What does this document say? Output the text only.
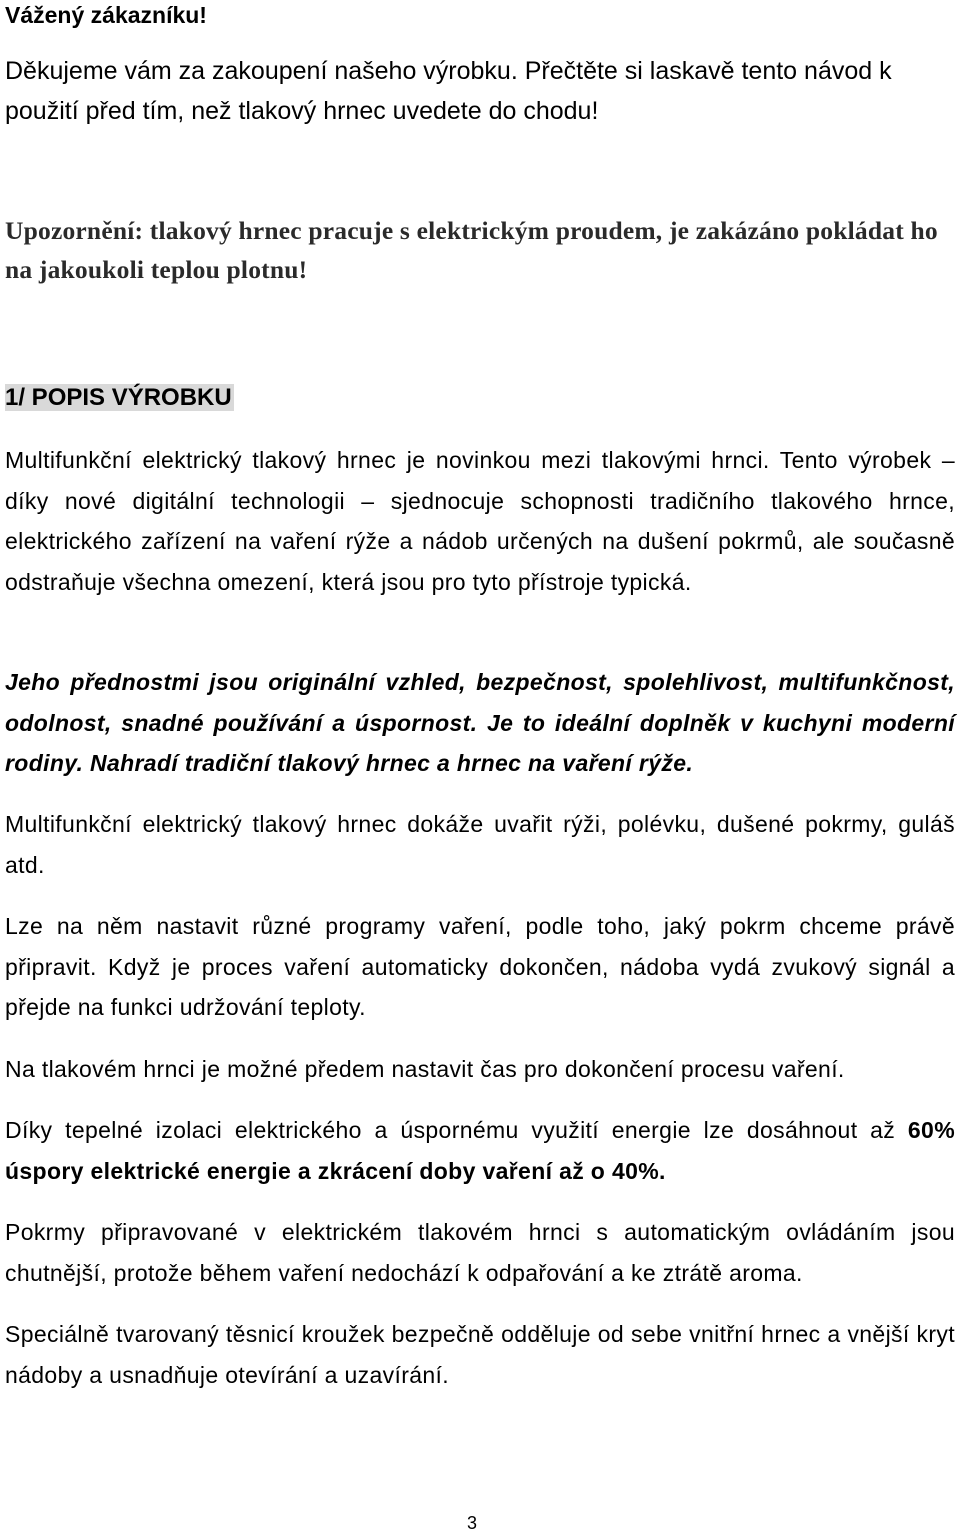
Vážený zákazníku!

Děkujeme vám za zakoupení našeho výrobku. Přečtěte si laskavě tento návod k použití před tím, než tlakový hrnec uvedete do chodu!

Upozornění: tlakový hrnec pracuje s elektrickým proudem, je zakázáno pokládat ho na jakoukoli teplou plotnu!

1/ POPIS VÝROBKU

Multifunkční elektrický tlakový hrnec je novinkou mezi tlakovými hrnci. Tento výrobek – díky nové digitální technologii – sjednocuje schopnosti tradičního tlakového hrnce, elektrického zařízení na vaření rýže a nádob určených na dušení pokrmů, ale současně odstraňuje všechna omezení, která jsou pro tyto přístroje typická.

Jeho přednostmi jsou originální vzhled, bezpečnost, spolehlivost, multifunkčnost, odolnost, snadné používání a úspornost. Je to ideální doplněk v kuchyni moderní rodiny. Nahradí tradiční tlakový hrnec a hrnec na vaření rýže.

Multifunkční elektrický tlakový hrnec dokáže uvařit rýži, polévku, dušené pokrmy, guláš atd.

Lze na něm nastavit různé programy vaření, podle toho, jaký pokrm chceme právě připravit. Když je proces vaření automaticky dokončen, nádoba vydá zvukový signál a přejde na funkci udržování teploty.

Na tlakovém hrnci je možné předem nastavit čas pro dokončení procesu vaření.

Díky tepelné izolaci elektrického a úspornému využití energie lze dosáhnout až 60% úspory elektrické energie a zkrácení doby vaření až o 40%.

Pokrmy připravované v elektrickém tlakovém hrnci s automatickým ovládáním jsou chutnější, protože během vaření nedochází k odpařování a ke ztrátě aroma.

Speciálně tvarovaný těsnicí kroužek bezpečně odděluje od sebe vnitřní hrnec a vnější kryt nádoby a usnadňuje otevírání a uzavírání.

3
